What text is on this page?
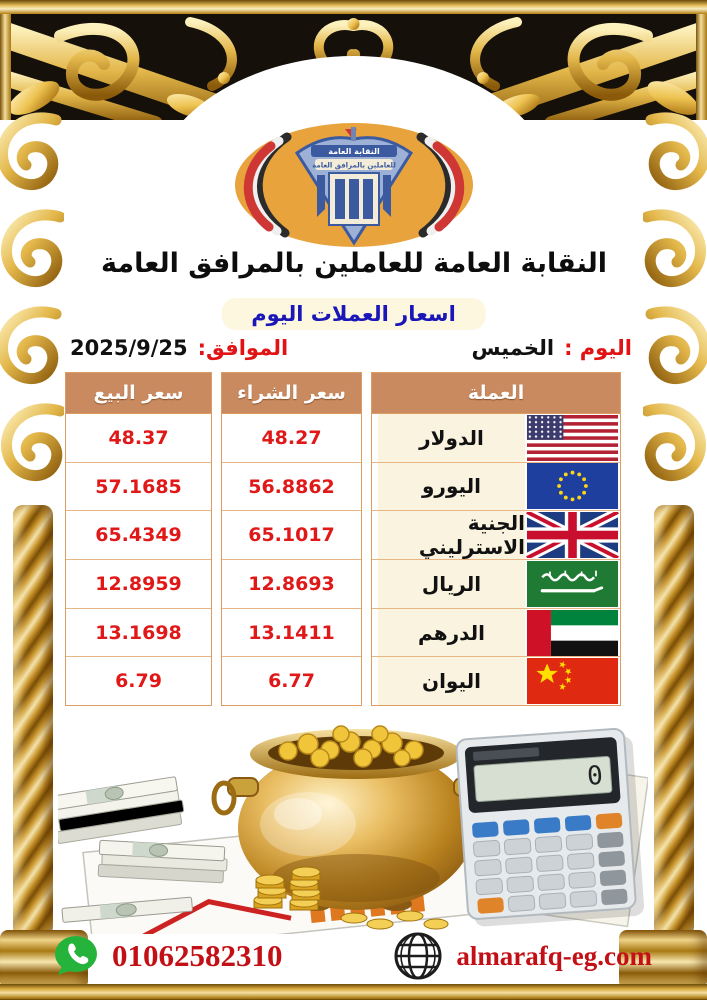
النقابة العامة
للعاملين بالمرافق العامة
النقابة العامة للعاملين بالمرافق العامة
اسعار العملات اليوم
اليوم :
الخميس
الموافق:
2025/9/25
العملة
الدولار
اليورو
الجنية الاسترليني
الريال
الدرهم
اليوان
سعر الشراء
48.27
56.8862
65.1017
12.8693
13.1411
6.77
سعر البيع
48.37
57.1685
65.4349
12.8959
13.1698
6.79
0
01062582310	almarafq-eg.com
